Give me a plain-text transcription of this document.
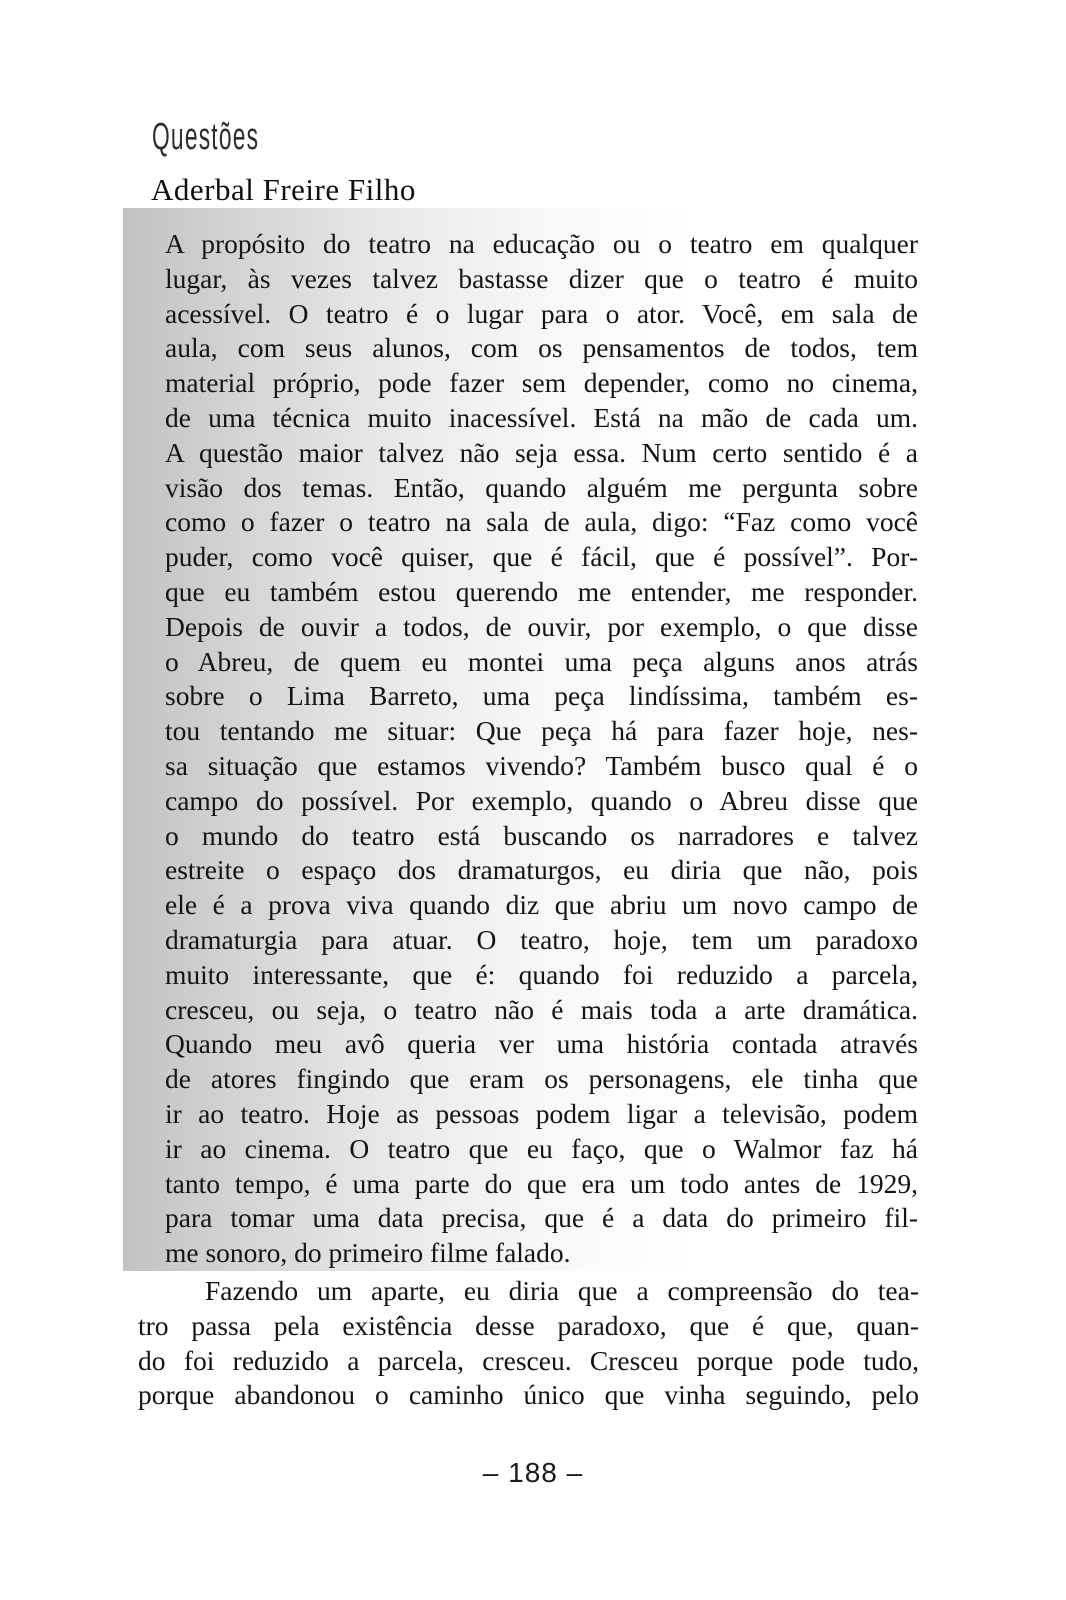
Questões
Aderbal Freire Filho
A propósito do teatro na educação ou o teatro em qualquer
lugar, às vezes talvez bastasse dizer que o teatro é muito
acessível. O teatro é o lugar para o ator. Você, em sala de
aula, com seus alunos, com os pensamentos de todos, tem
material próprio, pode fazer sem depender, como no cinema,
de uma técnica muito inacessível. Está na mão de cada um.
A questão maior talvez não seja essa. Num certo sentido é a
visão dos temas. Então, quando alguém me pergunta sobre
como o fazer o teatro na sala de aula, digo: “Faz como você
puder, como você quiser, que é fácil, que é possível”. Por-
que eu também estou querendo me entender, me responder.
Depois de ouvir a todos, de ouvir, por exemplo, o que disse
o Abreu, de quem eu montei uma peça alguns anos atrás
sobre o Lima Barreto, uma peça lindíssima, também es-
tou tentando me situar: Que peça há para fazer hoje, nes-
sa situação que estamos vivendo? Também busco qual é o
campo do possível. Por exemplo, quando o Abreu disse que
o mundo do teatro está buscando os narradores e talvez
estreite o espaço dos dramaturgos, eu diria que não, pois
ele é a prova viva quando diz que abriu um novo campo de
dramaturgia para atuar. O teatro, hoje, tem um paradoxo
muito interessante, que é: quando foi reduzido a parcela,
cresceu, ou seja, o teatro não é mais toda a arte dramática.
Quando meu avô queria ver uma história contada através
de atores fingindo que eram os personagens, ele tinha que
ir ao teatro. Hoje as pessoas podem ligar a televisão, podem
ir ao cinema. O teatro que eu faço, que o Walmor faz há
tanto tempo, é uma parte do que era um todo antes de 1929,
para tomar uma data precisa, que é a data do primeiro fil-
me sonoro, do primeiro filme falado.
Fazendo um aparte, eu diria que a compreensão do tea-
tro passa pela existência desse paradoxo, que é que, quan-
do foi reduzido a parcela, cresceu. Cresceu porque pode tudo,
porque abandonou o caminho único que vinha seguindo, pelo
– 188 –
